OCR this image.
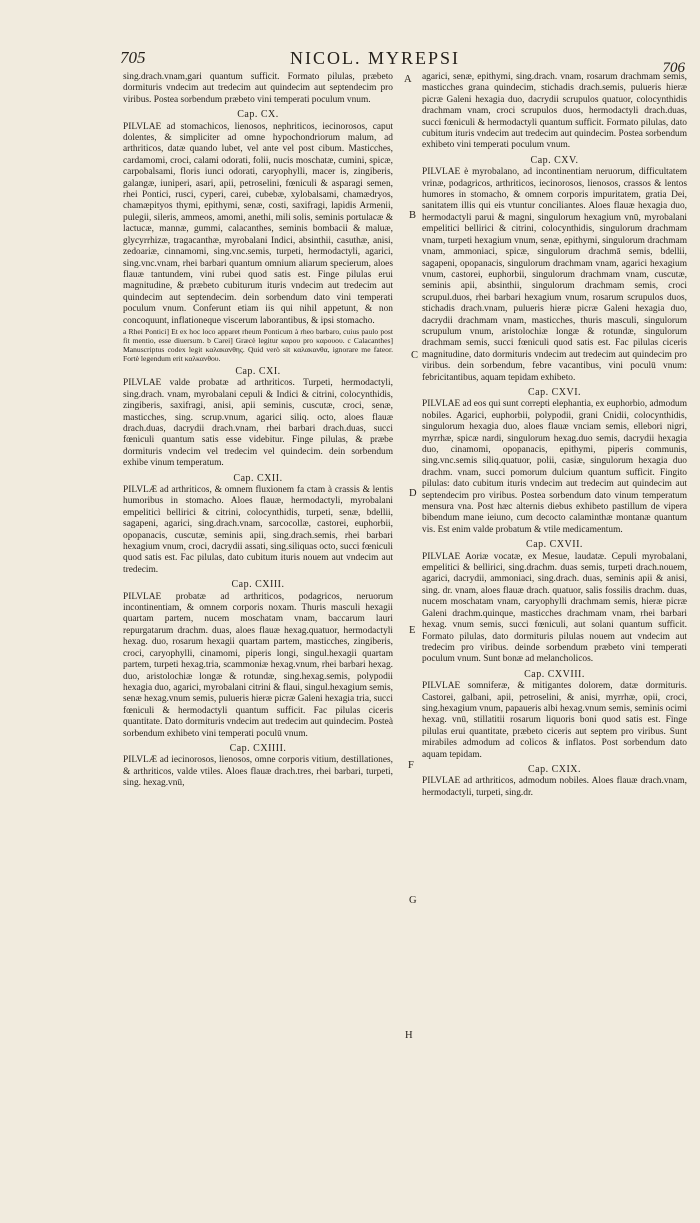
705	NICOL. MYREPSI	706

sing.drach.vnam,gari quantum sufficit. Formato pilulas, præbeto dormituris vndecim aut tredecim aut quindecim aut septendecim pro viribus. Postea sorbendum præbeto vini temperati poculum vnum.

Cap. CX.

PILVLAE ad stomachicos, lienosos, nephriticos, iecinorosos, caput dolentes, & simpliciter ad omne hypochondriorum malum, ad arthriticos, datæ quando lubet, vel ante vel post cibum. Masticches, cardamomi, croci, calami odorati, folii, nucis moschatæ, cumini, spicæ, carpobalsami, floris iunci odorati, caryophylli, macer is, zingiberis, galangæ, iuniperi, asari, apii, petroselini, fœniculi & asparagi semen, rhei Pontici, rusci, cyperi, carei, cubebæ, xylobalsami, chamædryos, chamæpityos thymi, epithymi, senæ, costi, saxifragi, lapidis Armenii, pulegii, sileris, ammeos, amomi, anethi, mili solis, seminis portulacæ & lactucæ, mannæ, gummi, calacanthes, seminis bombacii & maluæ, glycyrrhizæ, tragacanthæ, myrobalani Indici, absinthii, casuthæ, anisi, zedoariæ, cinnamomi, sing.vnc.semis, turpeti, hermodactyli, agarici, sing.vnc.vnam, rhei barbari quantum omnium aliarum specierum, aloes flauæ tantundem, vini rubei quod satis est. Finge pilulas erui magnitudine, & præbeto cubiturum ituris vndecim aut tredecim aut quindecim aut septendecim. dein sorbendum dato vini temperati poculum vnum. Conferunt etiam iis qui nihil appetunt, & non concoquunt, inflationeque viscerum laborantibus, & ipsi stomacho.

a Rhei Pontici] Et ex hoc loco apparet rheum Ponticum à rheo barbaro, cuius paulo post fit mentio, esse diuersum. b Carei] Græcè legitur καρου pro καρουου. c Calacanthes] Manuscriptus codex legit καλακανθης. Quid verò sit καλακανθα, ignorare me fateor. Fortè legendum erit καλκανθου.

Cap. CXI.

PILVLAE valde probatæ ad arthriticos. Turpeti, hermodactyli, sing.drach. vnam, myrobalani cepuli & Indici & citrini, colocynthidis, zingiberis, saxifragi, anisi, apii seminis, cuscutæ, croci, senæ, masticches, sing. scrup.vnum, agarici siliq. octo, aloes flauæ drach.duas, dacrydii drach.vnam, rhei barbari drach.duas, succi fœniculi quantum satis esse videbitur. Finge pilulas, & præbe dormituris vndecim vel tredecim vel quindecim. dein sorbendum exhibe vinum temperatum.

Cap. CXII.

PILVLÆ ad arthriticos, & omnem fluxionem fa ctam à crassis & lentis humoribus in stomacho. Aloes flauæ, hermodactyli, myrobalani empeliticì bellirici & citrini, colocynthidis, turpeti, senæ, bdellii, sagapeni, agarici, sing.drach.vnam, sarcocollæ, castorei, euphorbii, opopanacis, cuscutæ, seminis apii, sing.drach.semis, rhei barbari hexagium vnum, croci, dacrydii assati, sing.siliquas octo, succi fœniculi quod satis est. Fac pilulas, dato cubitum ituris nouem aut vndecim aut tredecim.

Cap. CXIII.

PILVLAE probatæ ad arthriticos, podagricos, neruorum incontinentiam, & omnem corporis noxam. Thuris masculi hexagii quartam partem, nucem moschatam vnam, baccarum lauri repurgatarum drachm. duas, aloes flauæ hexag.quatuor, hermodactyli hexag. duo, rosarum hexagii quartam partem, masticches, zingiberis, croci, caryophylli, cinamomi, piperis longi, singul.hexagii quartam partem, turpeti hexag.tria, scammoniæ hexag.vnum, rhei barbari hexag. duo, aristolochiæ longæ & rotundæ, sing.hexag.semis, polypodii hexagia duo, agarici, myrobalani citrini & flaui, singul.hexagium semis, senæ hexag.vnum semis, pulueris hieræ picræ Galeni hexagia tria, succi fœniculi & hermodactyli quantum sufficit. Fac pilulas ciceris quantitate. Dato dormituris vndecim aut tredecim aut quindecim. Posteà sorbendum exhibeto vini temperati poculū vnum.

Cap. CXIIII.

PILVLÆ ad iecinorosos, lienosos, omne corporis vitium, destillationes, & arthriticos, valde vtiles. Aloes flauæ drach.tres, rhei barbari, turpeti, sing. hexag.vnū,

agarici, senæ, epithymi, sing.drach. vnam, rosarum drachmam semis, masticches grana quindecim, stichadis drach.semis, pulueris hieræ picræ Galeni hexagia duo, dacrydii scrupulos quatuor, colocynthidis drachmam vnam, croci scrupulos duos, hermodactyli drach.duas, succi fœniculi & hermodactyli quantum sufficit. Formato pilulas, dato cubitum ituris vndecim aut tredecim aut quindecim. Postea sorbendum exhibeto vini temperati poculum vnum.

Cap. CXV.

PILVLAE è myrobalano, ad incontinentiam neruorum, difficultatem vrinæ, podagricos, arthriticos, iecinorosos, lienosos, crassos & lentos humores in stomacho, & omnem corporis impuritatem, gratia Dei, sanitatem illis qui eis vtuntur conciliantes. Aloes flauæ hexagia duo, hermodactyli parui & magni, singulorum hexagium vnū, myrobalani empelitici bellirici & citrini, colocynthidis, singulorum drachmam vnam, turpeti hexagium vnum, senæ, epithymi, singulorum drachmam vnam, ammoniaci, spicæ, singulorum drachmā semis, bdellii, sagapeni, opopanacis, singulorum drachmam vnam, agarici hexagium vnum, castorei, euphorbii, singulorum drachmam vnam, cuscutæ, seminis apii, absinthii, singulorum drachmam semis, croci scrupul.duos, rhei barbari hexagium vnum, rosarum scrupulos duos, stichadis drach.vnam, pulueris hieræ picræ Galeni hexagia duo, dacrydii drachmam vnam, masticches, thuris masculi, singulorum scrupulum vnum, aristolochiæ longæ & rotundæ, singulorum drachmam semis, succi fœniculi quod satis est. Fac pilulas ciceris magnitudine, dato dormituris vndecim aut tredecim aut quindecim pro viribus. dein sorbendum, febre vacantibus, vini poculū vnum: febricitantibus, aquam tepidam exhibeto.

Cap. CXVI.

PILVLAE ad eos qui sunt correpti elephantia, ex euphorbio, admodum nobiles. Agarici, euphorbii, polypodii, grani Cnidii, colocynthidis, singulorum hexagia duo, aloes flauæ vnciam semis, ellebori nigri, myrrhæ, spicæ nardi, singulorum hexag.duo semis, dacrydii hexagia duo, cinamomi, opopanacis, epithymi, piperis communis, sing.vnc.semis siliq.quatuor, polii, casiæ, singulorum hexagia duo drachm. vnam, succi pomorum dulcium quantum sufficit. Fingito pilulas: dato cubitum ituris vndecim aut tredecim aut quindecim aut septendecim pro viribus. Postea sorbendum dato vinum temperatum mensura vna. Post hæc alternis diebus exhibeto pastillum de vipera bibendum mane ieiuno, cum decocto calaminthæ montanæ quantum vis. Est enim valde probatum & vtile medicamentum.

Cap. CXVII.

PILVLAE Aoriæ vocatæ, ex Mesue, laudatæ. Cepuli myrobalani, empelitici & bellirici, sing.drachm. duas semis, turpeti drach.nouem, agarici, dacrydii, ammoniaci, sing.drach. duas, seminis apii & anisi, sing. dr. vnam, aloes flauæ drach. quatuor, salis fossilis drachm. duas, nucem moschatam vnam, caryophylli drachmam semis, hieræ picræ Galeni drachm.quinque, masticches drachmam vnam, rhei barbari hexag. vnum semis, succi fœniculi, aut solani quantum sufficit. Formato pilulas, dato dormituris pilulas nouem aut vndecim aut tredecim pro viribus. deinde sorbendum præbeto vini temperati poculum vnum. Sunt bonæ ad melancholicos.

Cap. CXVIII.

PILVLAE somniferæ, & mitigantes dolorem, datæ dormituris. Castorei, galbani, apii, petroselini, & anisi, myrrhæ, opii, croci, sing.hexagium vnum, papaueris albi hexag.vnum semis, seminis ocimi hexag. vnū, stillatitii rosarum liquoris boni quod satis est. Finge pilulas erui quantitate, præbeto ciceris aut septem pro viribus. Sunt mirabiles admodum ad colicos & inflatos. Post sorbendum dato aquam tepidam.

Cap. CXIX.

PILVLAE ad arthriticos, admodum nobiles. Aloes flauæ drach.vnam, hermodactyli, turpeti, sing.dr.

A
B
C
D
E
F
G
H
